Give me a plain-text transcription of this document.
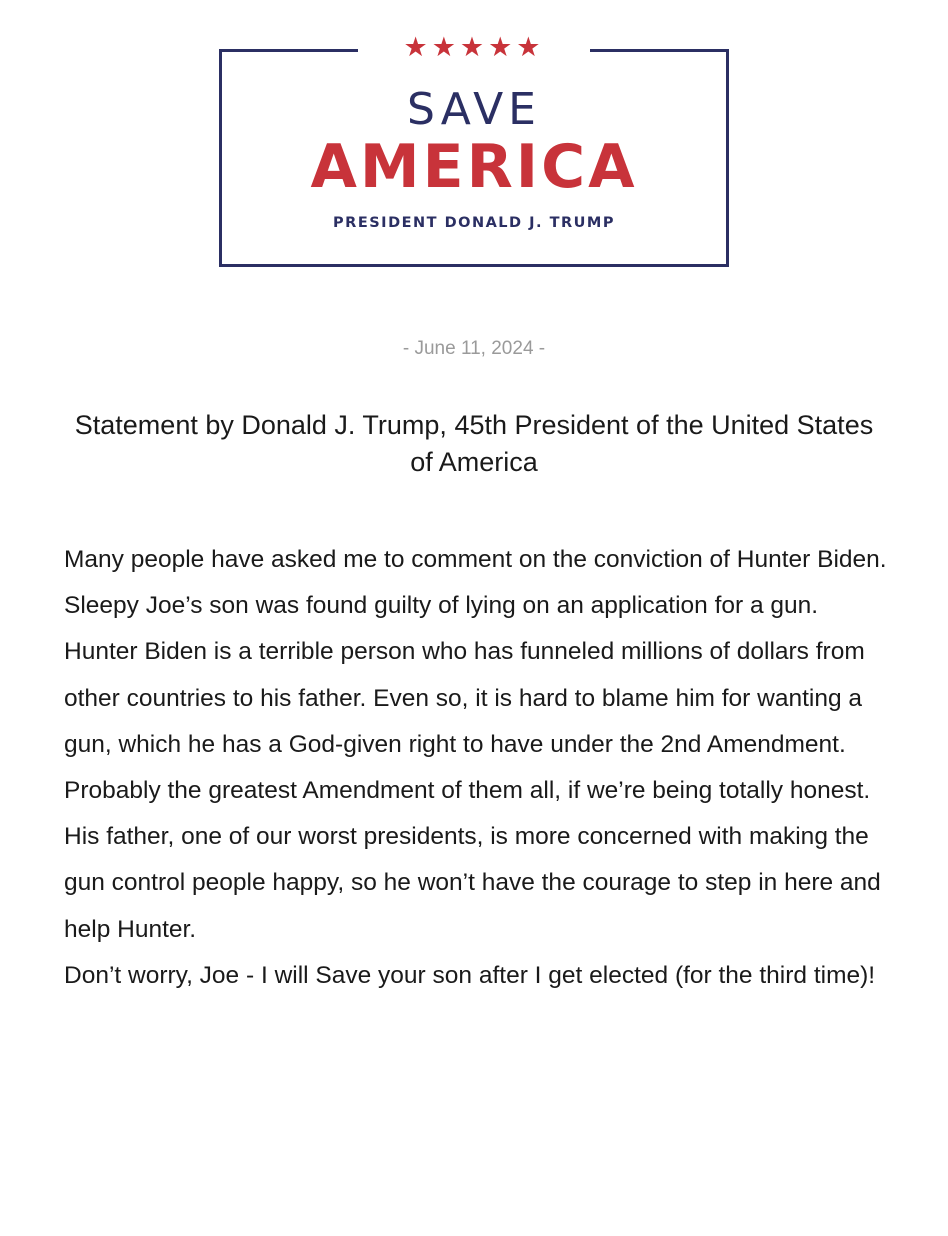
★★★★★
SAVE
AMERICA
PRESIDENT DONALD J. TRUMP
- June 11, 2024 -
Statement by Donald J. Trump, 45th President of the United States of America

Many people have asked me to comment on the conviction of Hunter Biden. Sleepy Joe’s son was found guilty of lying on an application for a gun.

Hunter Biden is a terrible person who has funneled millions of dollars from other countries to his father. Even so, it is hard to blame him for wanting a gun, which he has a God-given right to have under the 2nd Amendment. Probably the greatest Amendment of them all, if we’re being totally honest.

His father, one of our worst presidents, is more concerned with making the gun control people happy, so he won’t have the courage to step in here and help Hunter.

Don’t worry, Joe - I will Save your son after I get elected (for the third time)!
